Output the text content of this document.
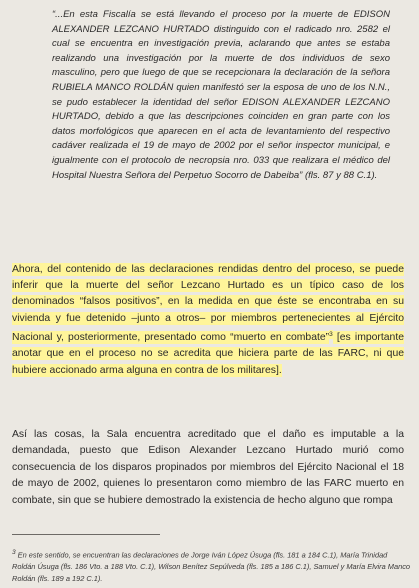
“...En esta Fiscalía se está llevando el proceso por la muerte de EDISON ALEXANDER LEZCANO HURTADO distinguido con el radicado nro. 2582 el cual se encuentra en investigación previa, aclarando que antes se estaba realizando una investigación por la muerte de dos individuos de sexo masculino, pero que luego de que se recepcionara la declaración de la señora RUBIELA MANCO ROLDÁN quien manifestó ser la esposa de uno de los N.N., se pudo establecer la identidad del señor EDISON ALEXANDER LEZCANO HURTADO, debido a que las descripciones coinciden en gran parte con los datos morfológicos que aparecen en el acta de levantamiento del respectivo cadáver realizada el 19 de mayo de 2002 por el señor inspector municipal, e igualmente con el protocolo de necropsia nro. 033 que realizara el médico del Hospital Nuestra Señora del Perpetuo Socorro de Dabeiba” (fls. 87 y 88 C.1).

Ahora, del contenido de las declaraciones rendidas dentro del proceso, se puede inferir que la muerte del señor Lezcano Hurtado es un típico caso de los denominados “falsos positivos”, en la medida en que éste se encontraba en su vivienda y fue detenido –junto a otros– por miembros pertenecientes al Ejército Nacional y, posteriormente, presentado como “muerto en combate”$^3$ [es importante anotar que en el proceso no se acredita que hiciera parte de las FARC, ni que hubiere accionado arma alguna en contra de los militares].

Así las cosas, la Sala encuentra acreditado que el daño es imputable a la demandada, puesto que Edison Alexander Lezcano Hurtado murió como consecuencia de los disparos propinados por miembros del Ejército Nacional el 18 de mayo de 2002, quienes lo presentaron como miembro de las FARC muerto en combate, sin que se hubiere demostrado la existencia de hecho alguno que rompa

$^3$ En este sentido, se encuentran las declaraciones de Jorge Iván López Úsuga (fls. 181 a 184 C.1), María Trinidad Roldán Úsuga (fls. 186 Vto. a 188 Vto. C.1), Wilson Benítez Sepúlveda (fls. 185 a 186 C.1), Samuel y María Elvira Manco Roldán (fls. 189 a 192 C.1).
